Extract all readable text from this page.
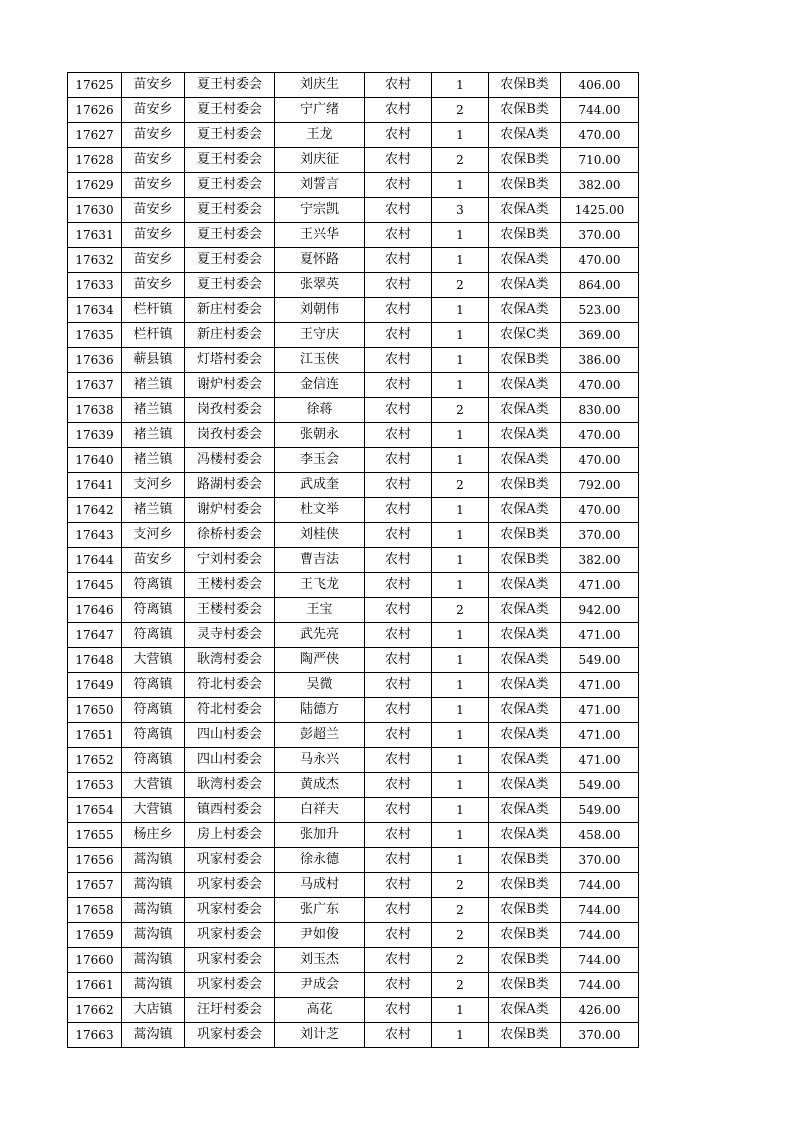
17625	苗安乡	夏王村委会	刘庆生	农村	1	农保B类	406.00
17626	苗安乡	夏王村委会	宁广绪	农村	2	农保B类	744.00
17627	苗安乡	夏王村委会	王龙	农村	1	农保A类	470.00
17628	苗安乡	夏王村委会	刘庆征	农村	2	农保B类	710.00
17629	苗安乡	夏王村委会	刘誓言	农村	1	农保B类	382.00
17630	苗安乡	夏王村委会	宁宗凯	农村	3	农保A类	1425.00
17631	苗安乡	夏王村委会	王兴华	农村	1	农保B类	370.00
17632	苗安乡	夏王村委会	夏怀路	农村	1	农保A类	470.00
17633	苗安乡	夏王村委会	张翠英	农村	2	农保A类	864.00
17634	栏杆镇	新庄村委会	刘朝伟	农村	1	农保A类	523.00
17635	栏杆镇	新庄村委会	王守庆	农村	1	农保C类	369.00
17636	蕲县镇	灯塔村委会	江玉侠	农村	1	农保B类	386.00
17637	褚兰镇	谢炉村委会	金信连	农村	1	农保A类	470.00
17638	褚兰镇	岗孜村委会	徐蒋	农村	2	农保A类	830.00
17639	褚兰镇	岗孜村委会	张朝永	农村	1	农保A类	470.00
17640	褚兰镇	冯楼村委会	李玉会	农村	1	农保A类	470.00
17641	支河乡	路湖村委会	武成奎	农村	2	农保B类	792.00
17642	褚兰镇	谢炉村委会	杜文举	农村	1	农保A类	470.00
17643	支河乡	徐桥村委会	刘桂侠	农村	1	农保B类	370.00
17644	苗安乡	宁刘村委会	曹吉法	农村	1	农保B类	382.00
17645	符离镇	王楼村委会	王飞龙	农村	1	农保A类	471.00
17646	符离镇	王楼村委会	王宝	农村	2	农保A类	942.00
17647	符离镇	灵寺村委会	武先亮	农村	1	农保A类	471.00
17648	大营镇	耿湾村委会	陶严侠	农村	1	农保A类	549.00
17649	符离镇	符北村委会	吴微	农村	1	农保A类	471.00
17650	符离镇	符北村委会	陆德方	农村	1	农保A类	471.00
17651	符离镇	四山村委会	彭超兰	农村	1	农保A类	471.00
17652	符离镇	四山村委会	马永兴	农村	1	农保A类	471.00
17653	大营镇	耿湾村委会	黄成杰	农村	1	农保A类	549.00
17654	大营镇	镇西村委会	白祥夫	农村	1	农保A类	549.00
17655	杨庄乡	房上村委会	张加升	农村	1	农保A类	458.00
17656	蒿沟镇	巩家村委会	徐永德	农村	1	农保B类	370.00
17657	蒿沟镇	巩家村委会	马成村	农村	2	农保B类	744.00
17658	蒿沟镇	巩家村委会	张广东	农村	2	农保B类	744.00
17659	蒿沟镇	巩家村委会	尹如俊	农村	2	农保B类	744.00
17660	蒿沟镇	巩家村委会	刘玉杰	农村	2	农保B类	744.00
17661	蒿沟镇	巩家村委会	尹成会	农村	2	农保B类	744.00
17662	大店镇	汪圩村委会	高花	农村	1	农保A类	426.00
17663	蒿沟镇	巩家村委会	刘计芝	农村	1	农保B类	370.00
